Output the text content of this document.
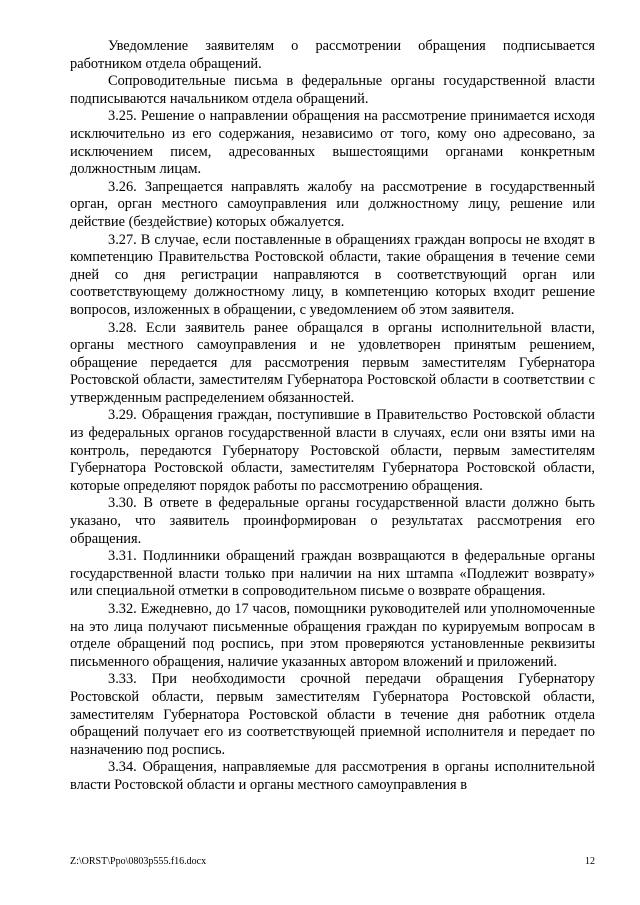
Уведомление заявителям о рассмотрении обращения подписывается работником отдела обращений.

Сопроводительные письма в федеральные органы государственной власти подписываются начальником отдела обращений.

3.25. Решение о направлении обращения на рассмотрение принимается исходя исключительно из его содержания, независимо от того, кому оно адресовано, за исключением писем, адресованных вышестоящими органами конкретным должностным лицам.

3.26. Запрещается направлять жалобу на рассмотрение в государственный орган, орган местного самоуправления или должностному лицу, решение или действие (бездействие) которых обжалуется.

3.27. В случае, если поставленные в обращениях граждан вопросы не входят в компетенцию Правительства Ростовской области, такие обращения в течение семи дней со дня регистрации направляются в соответствующий орган или соответствующему должностному лицу, в компетенцию которых входит решение вопросов, изложенных в обращении, с уведомлением об этом заявителя.

3.28. Если заявитель ранее обращался в органы исполнительной власти, органы местного самоуправления и не удовлетворен принятым решением, обращение передается для рассмотрения первым заместителям Губернатора Ростовской области, заместителям Губернатора Ростовской области в соответствии с утвержденным распределением обязанностей.

3.29. Обращения граждан, поступившие в Правительство Ростовской области из федеральных органов государственной власти в случаях, если они взяты ими на контроль, передаются Губернатору Ростовской области, первым заместителям Губернатора Ростовской области, заместителям Губернатора Ростовской области, которые определяют порядок работы по рассмотрению обращения.

3.30. В ответе в федеральные органы государственной власти должно быть указано, что заявитель проинформирован о результатах рассмотрения его обращения.

3.31. Подлинники обращений граждан возвращаются в федеральные органы государственной власти только при наличии на них штампа «Подлежит возврату» или специальной отметки в сопроводительном письме о возврате обращения.

3.32. Ежедневно, до 17 часов, помощники руководителей или уполномоченные на это лица получают письменные обращения граждан по курируемым вопросам в отделе обращений под роспись, при этом проверяются установленные реквизиты письменного обращения, наличие указанных автором вложений и приложений.

3.33. При необходимости срочной передачи обращения Губернатору Ростовской области, первым заместителям Губернатора Ростовской области, заместителям Губернатора Ростовской области в течение дня работник отдела обращений получает его из соответствующей приемной исполнителя и передает по назначению под роспись.

3.34. Обращения, направляемые для рассмотрения в органы исполнительной власти Ростовской области и органы местного самоуправления в

Z:\ORST\Ppo\0803p555.f16.docx	12
